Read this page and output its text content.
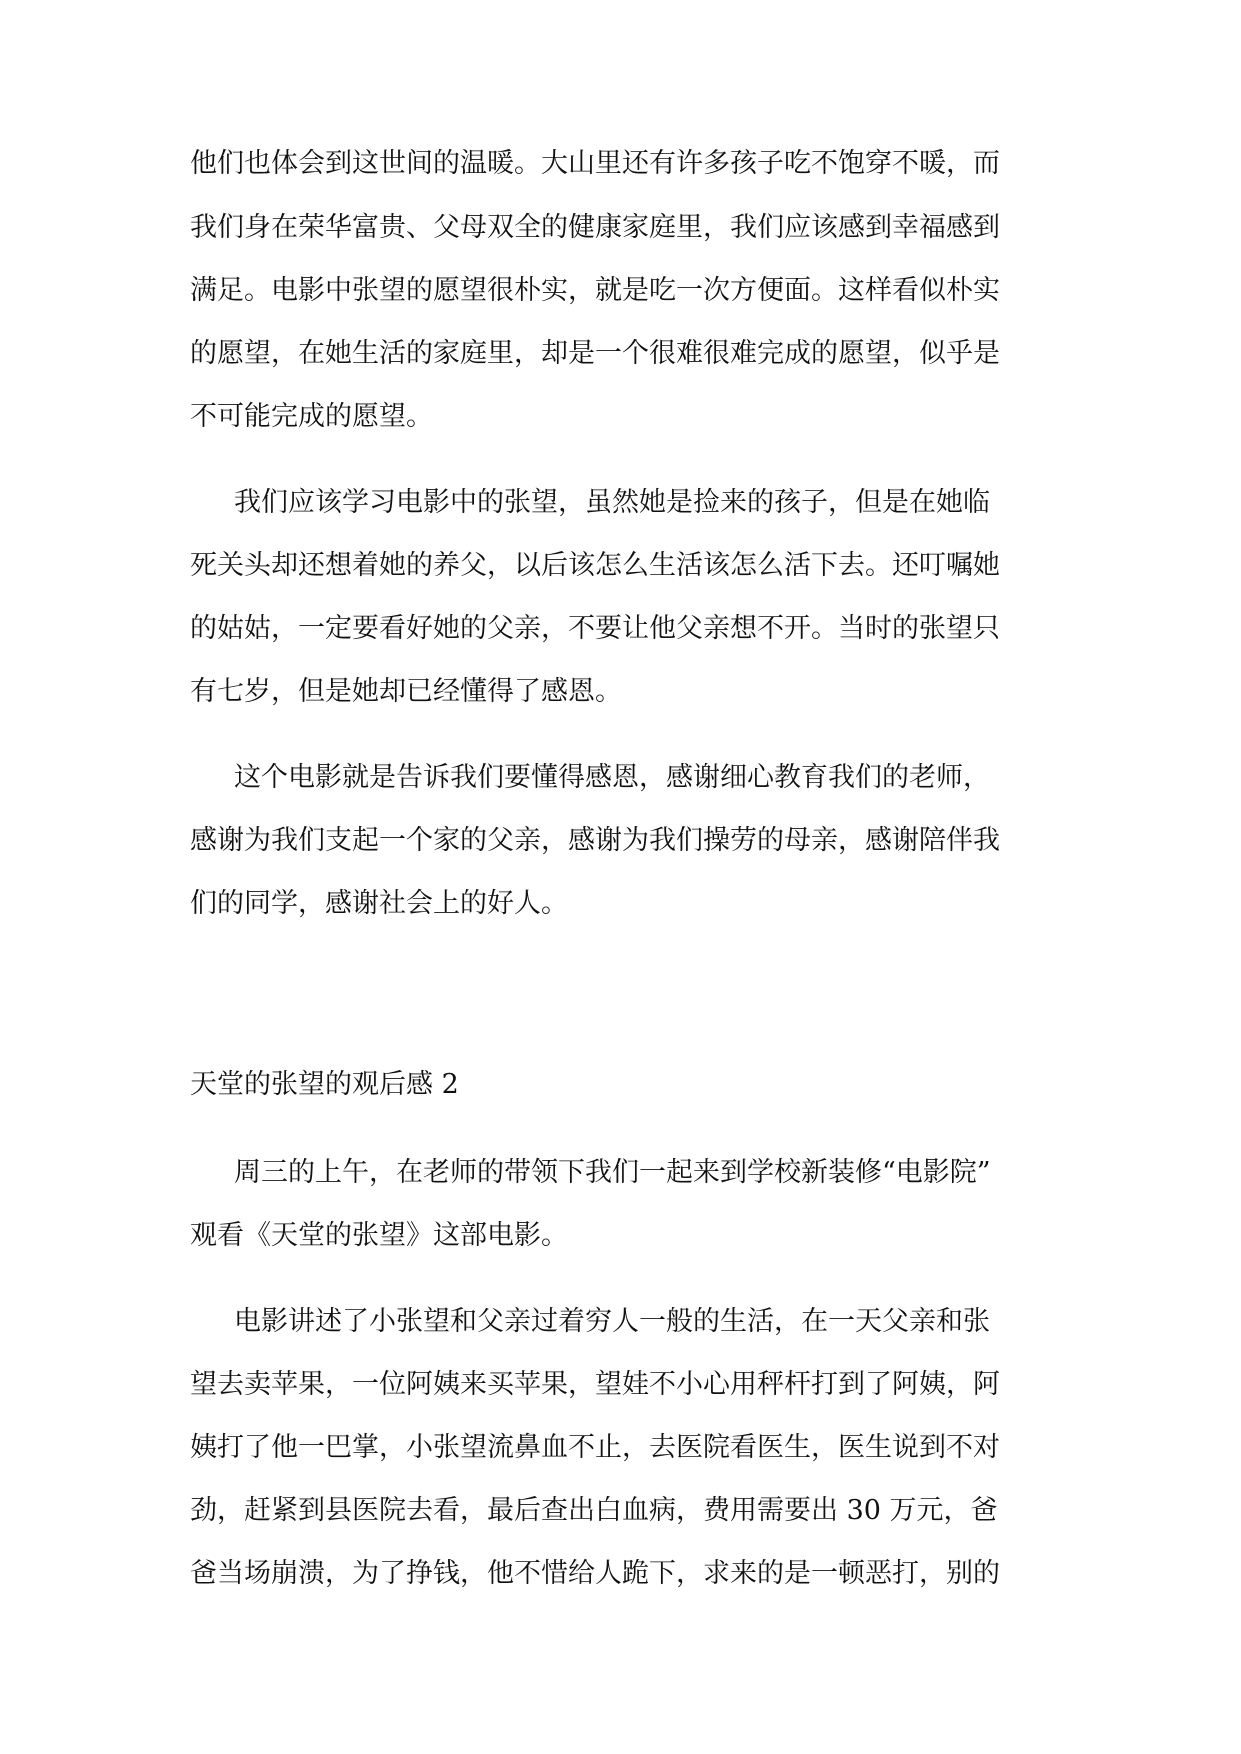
他们也体会到这世间的温暖。大山里还有许多孩子吃不饱穿不暖，而
我们身在荣华富贵、父母双全的健康家庭里，我们应该感到幸福感到
满足。电影中张望的愿望很朴实，就是吃一次方便面。这样看似朴实
的愿望，在她生活的家庭里，却是一个很难很难完成的愿望，似乎是
不可能完成的愿望。
我们应该学习电影中的张望，虽然她是捡来的孩子，但是在她临
死关头却还想着她的养父，以后该怎么生活该怎么活下去。还叮嘱她
的姑姑，一定要看好她的父亲，不要让他父亲想不开。当时的张望只
有七岁，但是她却已经懂得了感恩。
这个电影就是告诉我们要懂得感恩，感谢细心教育我们的老师，
感谢为我们支起一个家的父亲，感谢为我们操劳的母亲，感谢陪伴我
们的同学，感谢社会上的好人。
天堂的张望的观后感 2
周三的上午，在老师的带领下我们一起来到学校新装修“电影院”
观看《天堂的张望》这部电影。
电影讲述了小张望和父亲过着穷人一般的生活，在一天父亲和张
望去卖苹果，一位阿姨来买苹果，望娃不小心用秤杆打到了阿姨，阿
姨打了他一巴掌，小张望流鼻血不止，去医院看医生，医生说到不对
劲，赶紧到县医院去看，最后查出白血病，费用需要出 30 万元，爸
爸当场崩溃，为了挣钱，他不惜给人跪下，求来的是一顿恶打，别的
